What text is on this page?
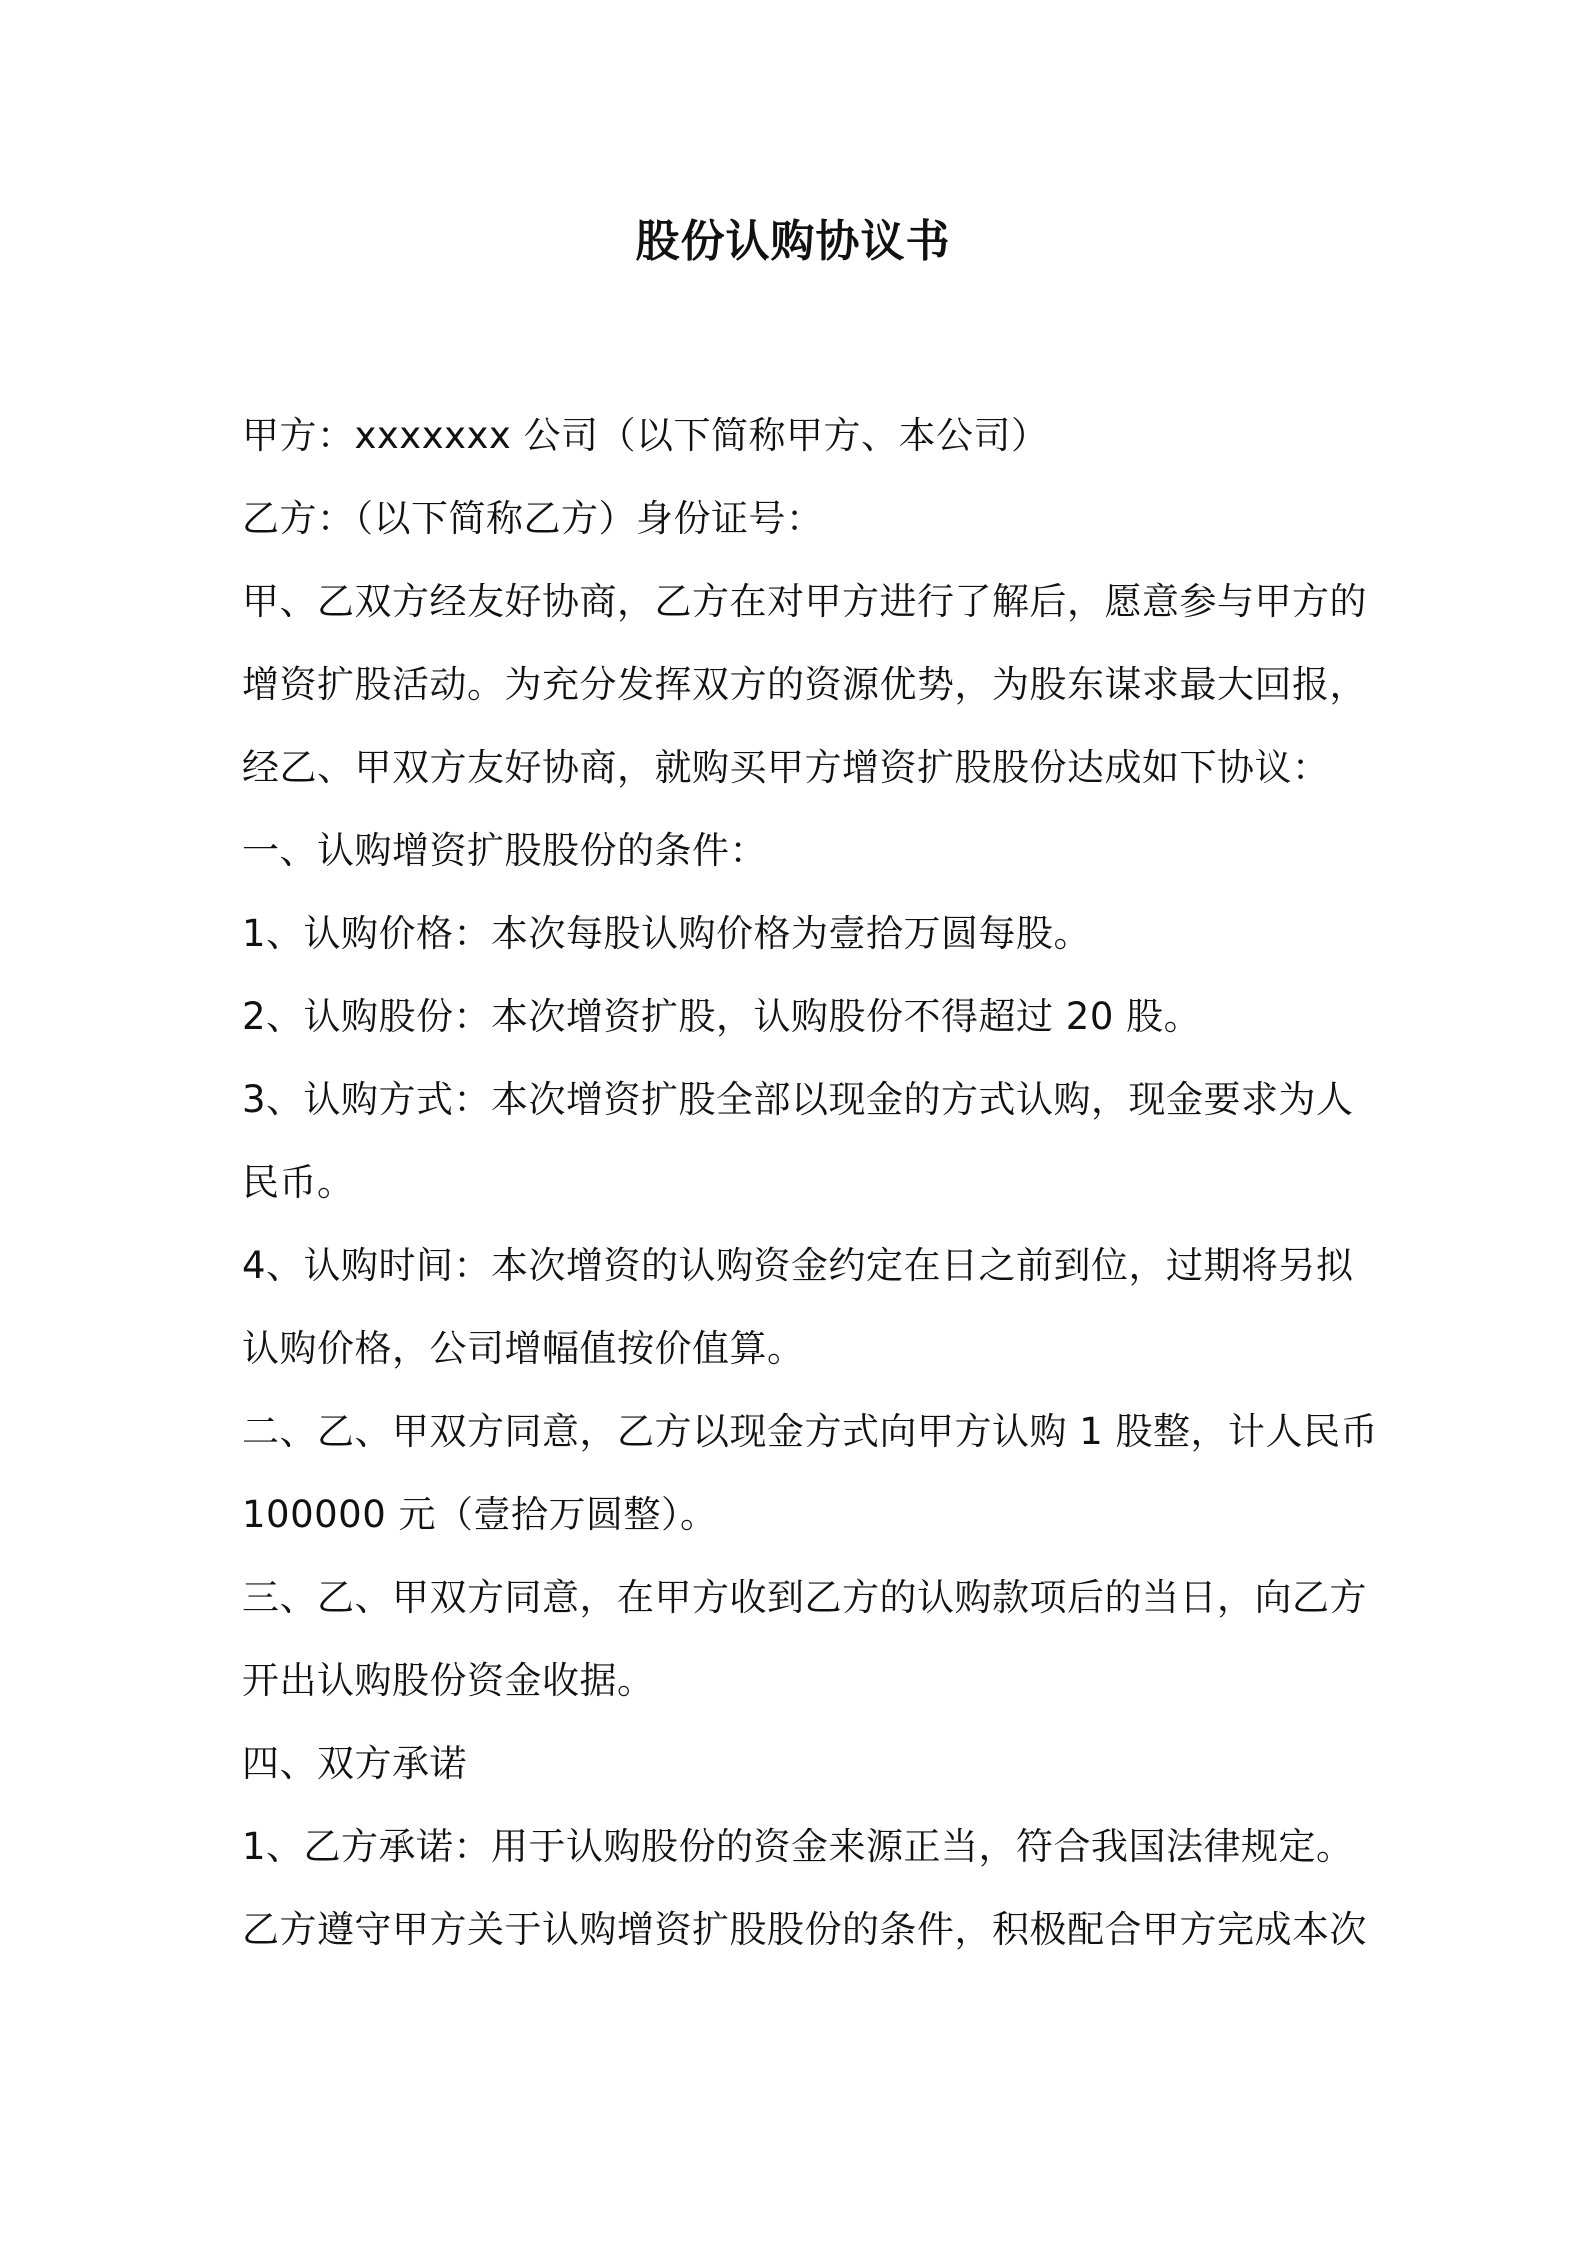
股份认购协议书
甲方：xxxxxxx 公司（以下简称甲方、本公司）
乙方：（以下简称乙方）身份证号：
甲、乙双方经友好协商，乙方在对甲方进行了解后，愿意参与甲方的
增资扩股活动。为充分发挥双方的资源优势，为股东谋求最大回报，
经乙、甲双方友好协商，就购买甲方增资扩股股份达成如下协议：
一、认购增资扩股股份的条件：
1、认购价格：本次每股认购价格为壹拾万圆每股。
2、认购股份：本次增资扩股，认购股份不得超过 20 股。
3、认购方式：本次增资扩股全部以现金的方式认购，现金要求为人
民币。
4、认购时间：本次增资的认购资金约定在日之前到位，过期将另拟
认购价格，公司增幅值按价值算。
二、乙、甲双方同意，乙方以现金方式向甲方认购 1 股整，计人民币
100000 元（壹拾万圆整）。
三、乙、甲双方同意，在甲方收到乙方的认购款项后的当日，向乙方
开出认购股份资金收据。
四、双方承诺
1、乙方承诺：用于认购股份的资金来源正当，符合我国法律规定。
乙方遵守甲方关于认购增资扩股股份的条件，积极配合甲方完成本次
